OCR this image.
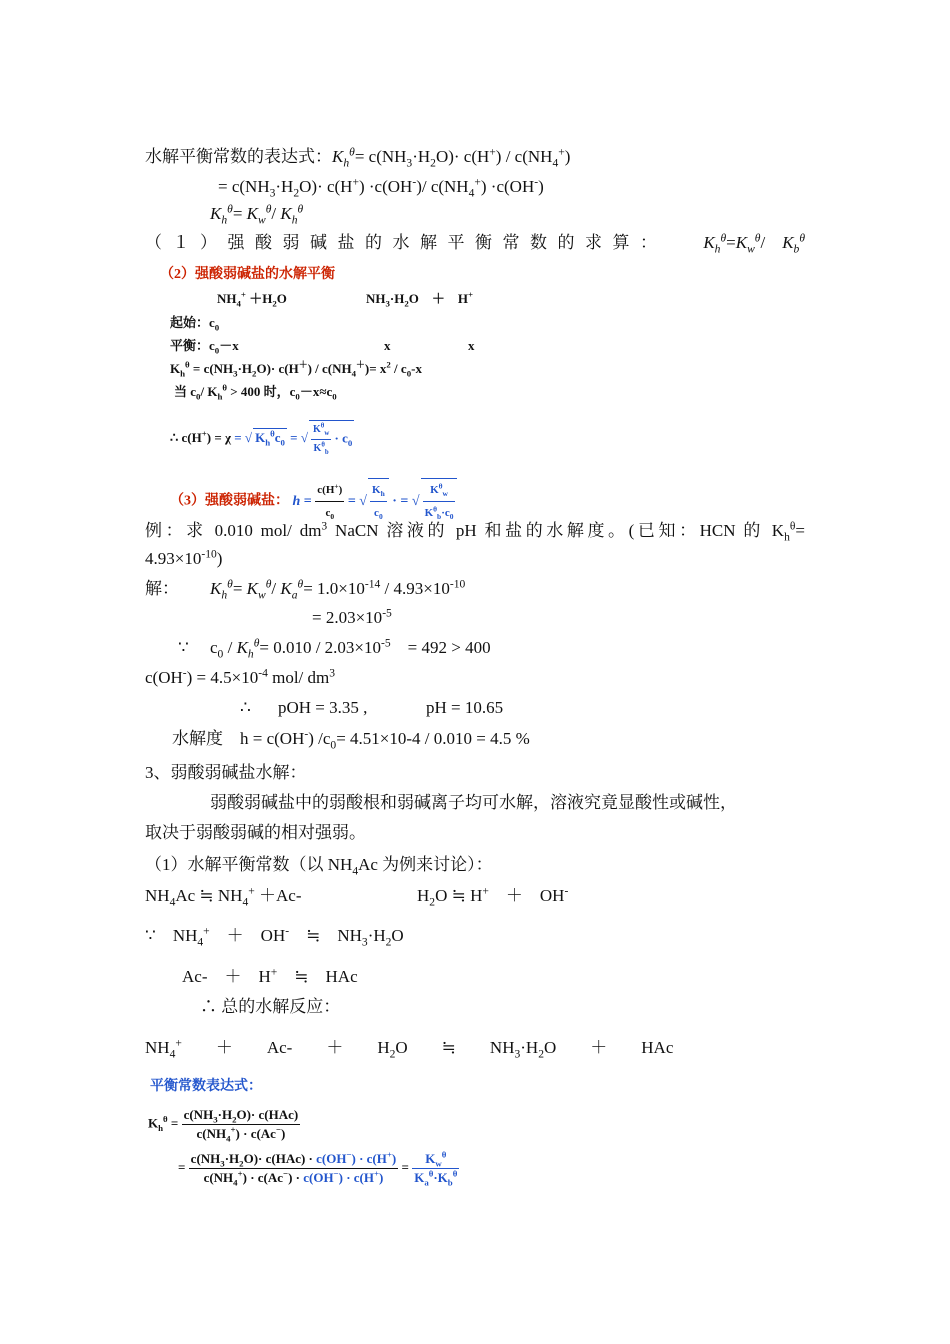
水解平衡常数的表达式：$K_h^\theta= c(NH_3\cdot H_2O)\cdot c(H^+) / c(NH_4^+)$
= $c(NH_3\cdot H_2O)\cdot c(H^+) \cdot c(OH^-)/$ $c(NH_4^+) \cdot c(OH^-)$
$K_h^\theta= K_w^\theta/$ $K_h^\theta$
（１）强酸弱碱盐的水解平衡常数的求算： $K_h^\theta=K_w^\theta/$    $K_b^\theta$
（2）强酸弱碱盐的水解平衡
$NH_4^+ +H_2O$	$NH_3\cdot H_2O$　＋　H+
起始：$c_0$
平衡：$c_0-x$	x	x
$K_h^\theta = c(NH_3\cdot H_2O)\cdot c(H^+) / c(NH_4^+)= x^2 / c_0-x$
当 $c_0/$ $K_h^\theta > 400$ 时，$c_0-x\approx c_0$
∴ c(H+) = χ = √ $K_h^\theta c_0$ = √ $\frac{K^\theta_w}{K^\theta_b} \cdot c_0$
（3）强酸弱碱盐： $h = \frac{c(H^+)}{c_0}$ = √ $\frac{K_h}{c_0}$ · = √ $\frac{K^\theta_w}{K^\theta_b\cdot c_0}$
例：求 0.010 mol/ $dm^3$ NaCN 溶液的 pH 和盐的水解度。(已知：HCN 的 $K_h^\theta=$
$4.93\times 10^{-10}$)
解： $K_h^\theta= K_w^\theta/$ $K_a^\theta= 1.0\times 10^{-14} / 4.93\times 10^{-10}$
= $2.03\times 10^{-5}$
∵ $c_0 / K_h^\theta= 0.010 / 2.03\times 10^{-5}$　= 492 > 400
$c(OH^-) = 4.5\times 10^{-4}$ mol/ $dm^3$
∴ pOH = 3.35 ,	pH = 10.65
水解度　h = c(OH-) $/c_0= 4.51\times 10-4 / 0.010 = 4.5$ %
3、弱酸弱碱盐水解：
弱酸弱碱盐中的弱酸根和弱碱离子均可水解，溶液究竟显酸性或碱性，
取决于弱酸弱碱的相对强弱。
（1）水解平衡常数（以 $NH_4Ac$ 为例来讨论）：
$NH_4Ac$ ≒ $NH_4^+ +Ac-$	$H_2O$ ≒ H+　＋　OH-
∵　$NH_4^+$　＋　OH-　≒　$NH_3\cdot H_2O$
Ac-　＋　H+　≒　HAc
∴ 总的水解反应：
$NH_4^+$　　＋　　Ac-　　＋　　$H_2O$　　≒　　$NH_3\cdot H_2O$　　＋　　HAc
平衡常数表达式：
$K_h^\theta = \frac{c(NH_3\cdot H_2O)\cdot c(HAc)}{c(NH_4^+) \cdot c(Ac^-)}$
= $\frac{c(NH_3\cdot H_2O)\cdot c(HAc) \cdot c(OH^-) \cdot c(H^+)}{c(NH_4^+) \cdot c(Ac^-) \cdot c(OH^-) \cdot c(H^+)} = \frac{K_w^\theta}{K_a^\theta\cdot K_b^\theta}$
